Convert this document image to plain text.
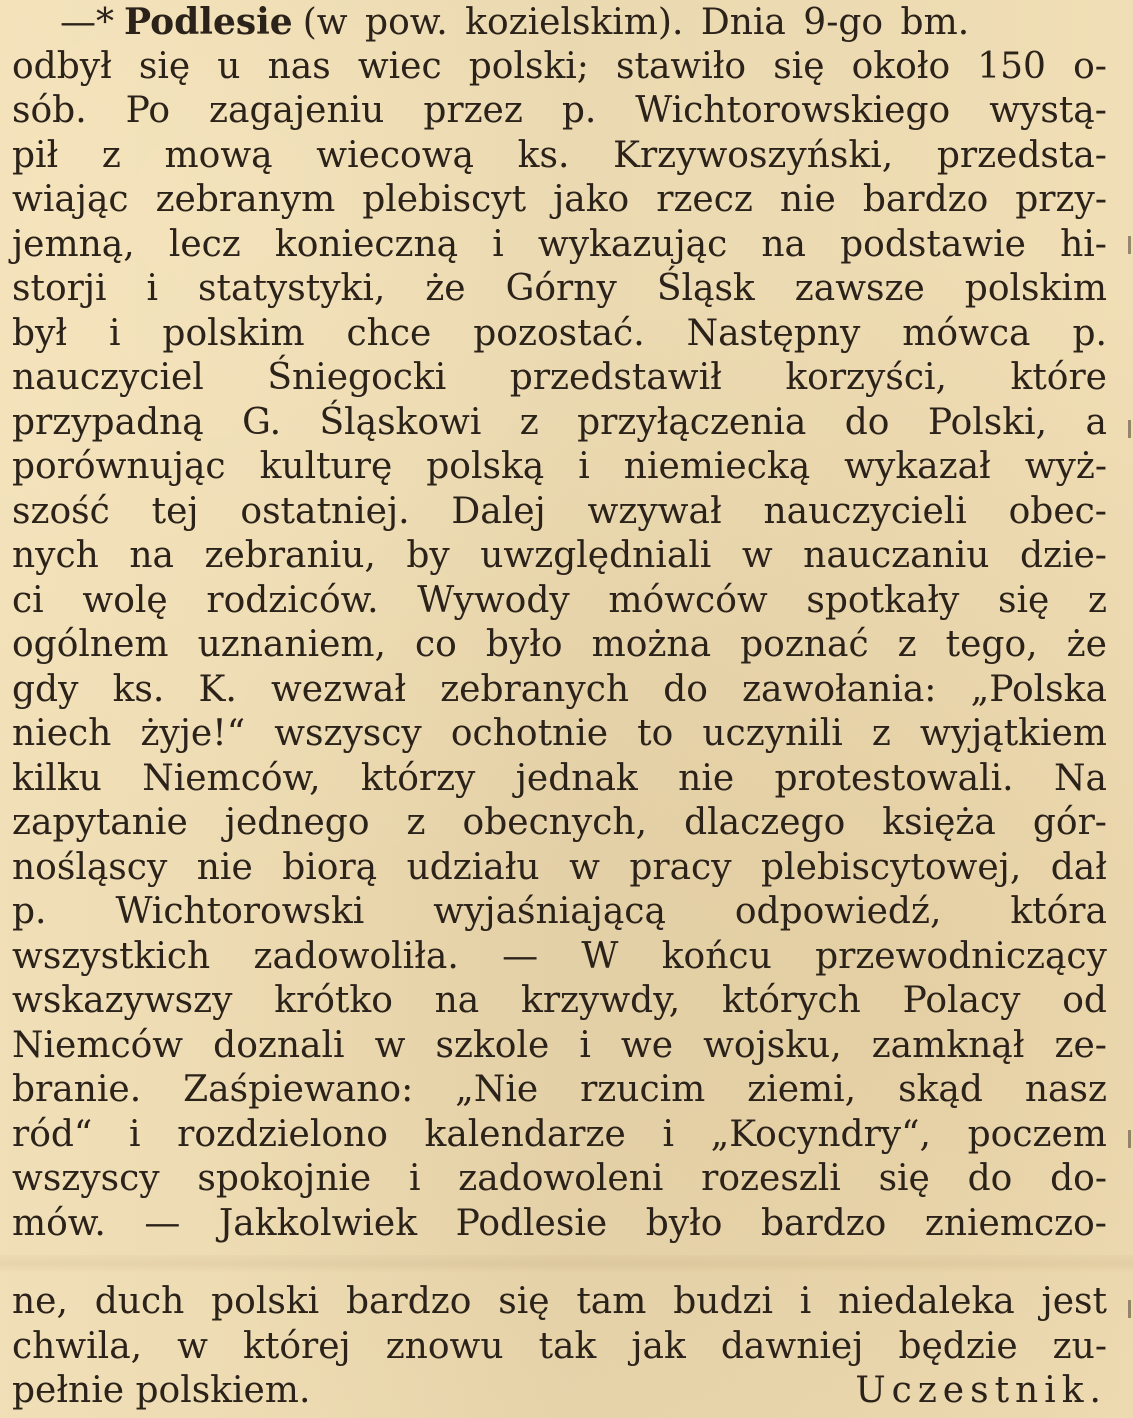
—* Podlesie (w pow. kozielskim). Dnia 9-go bm.
odbył się u nas wiec polski; stawiło się około 150 o-
sób. Po zagajeniu przez p. Wichtorowskiego wystą-
pił z mową wiecową ks. Krzywoszyński, przedsta-
wiając zebranym plebiscyt jako rzecz nie bardzo przy-
jemną, lecz konieczną i wykazując na podstawie hi-
storji i statystyki, że Górny Śląsk zawsze polskim
był i polskim chce pozostać. Następny mówca p.
nauczyciel Śniegocki przedstawił korzyści, które
przypadną G. Śląskowi z przyłączenia do Polski, a
porównując kulturę polską i niemiecką wykazał wyż-
szość tej ostatniej. Dalej wzywał nauczycieli obec-
nych na zebraniu, by uwzględniali w nauczaniu dzie-
ci wolę rodziców. Wywody mówców spotkały się z
ogólnem uznaniem, co było można poznać z tego, że
gdy ks. K. wezwał zebranych do zawołania: „Polska
niech żyje!“ wszyscy ochotnie to uczynili z wyjątkiem
kilku Niemców, którzy jednak nie protestowali. Na
zapytanie jednego z obecnych, dlaczego księża gór-
nośląscy nie biorą udziału w pracy plebiscytowej, dał
p. Wichtorowski wyjaśniającą odpowiedź, która
wszystkich zadowoliła. — W końcu przewodniczący
wskazywszy krótko na krzywdy, których Polacy od
Niemców doznali w szkole i we wojsku, zamknął ze-
branie. Zaśpiewano: „Nie rzucim ziemi, skąd nasz
ród“ i rozdzielono kalendarze i „Kocyndry“, poczem
wszyscy spokojnie i zadowoleni rozeszli się do do-
mów. — Jakkolwiek Podlesie było bardzo zniemczo-
ne, duch polski bardzo się tam budzi i niedaleka jest
chwila, w której znowu tak jak dawniej będzie zu-
pełnie polskiem.	Uczestnik.
